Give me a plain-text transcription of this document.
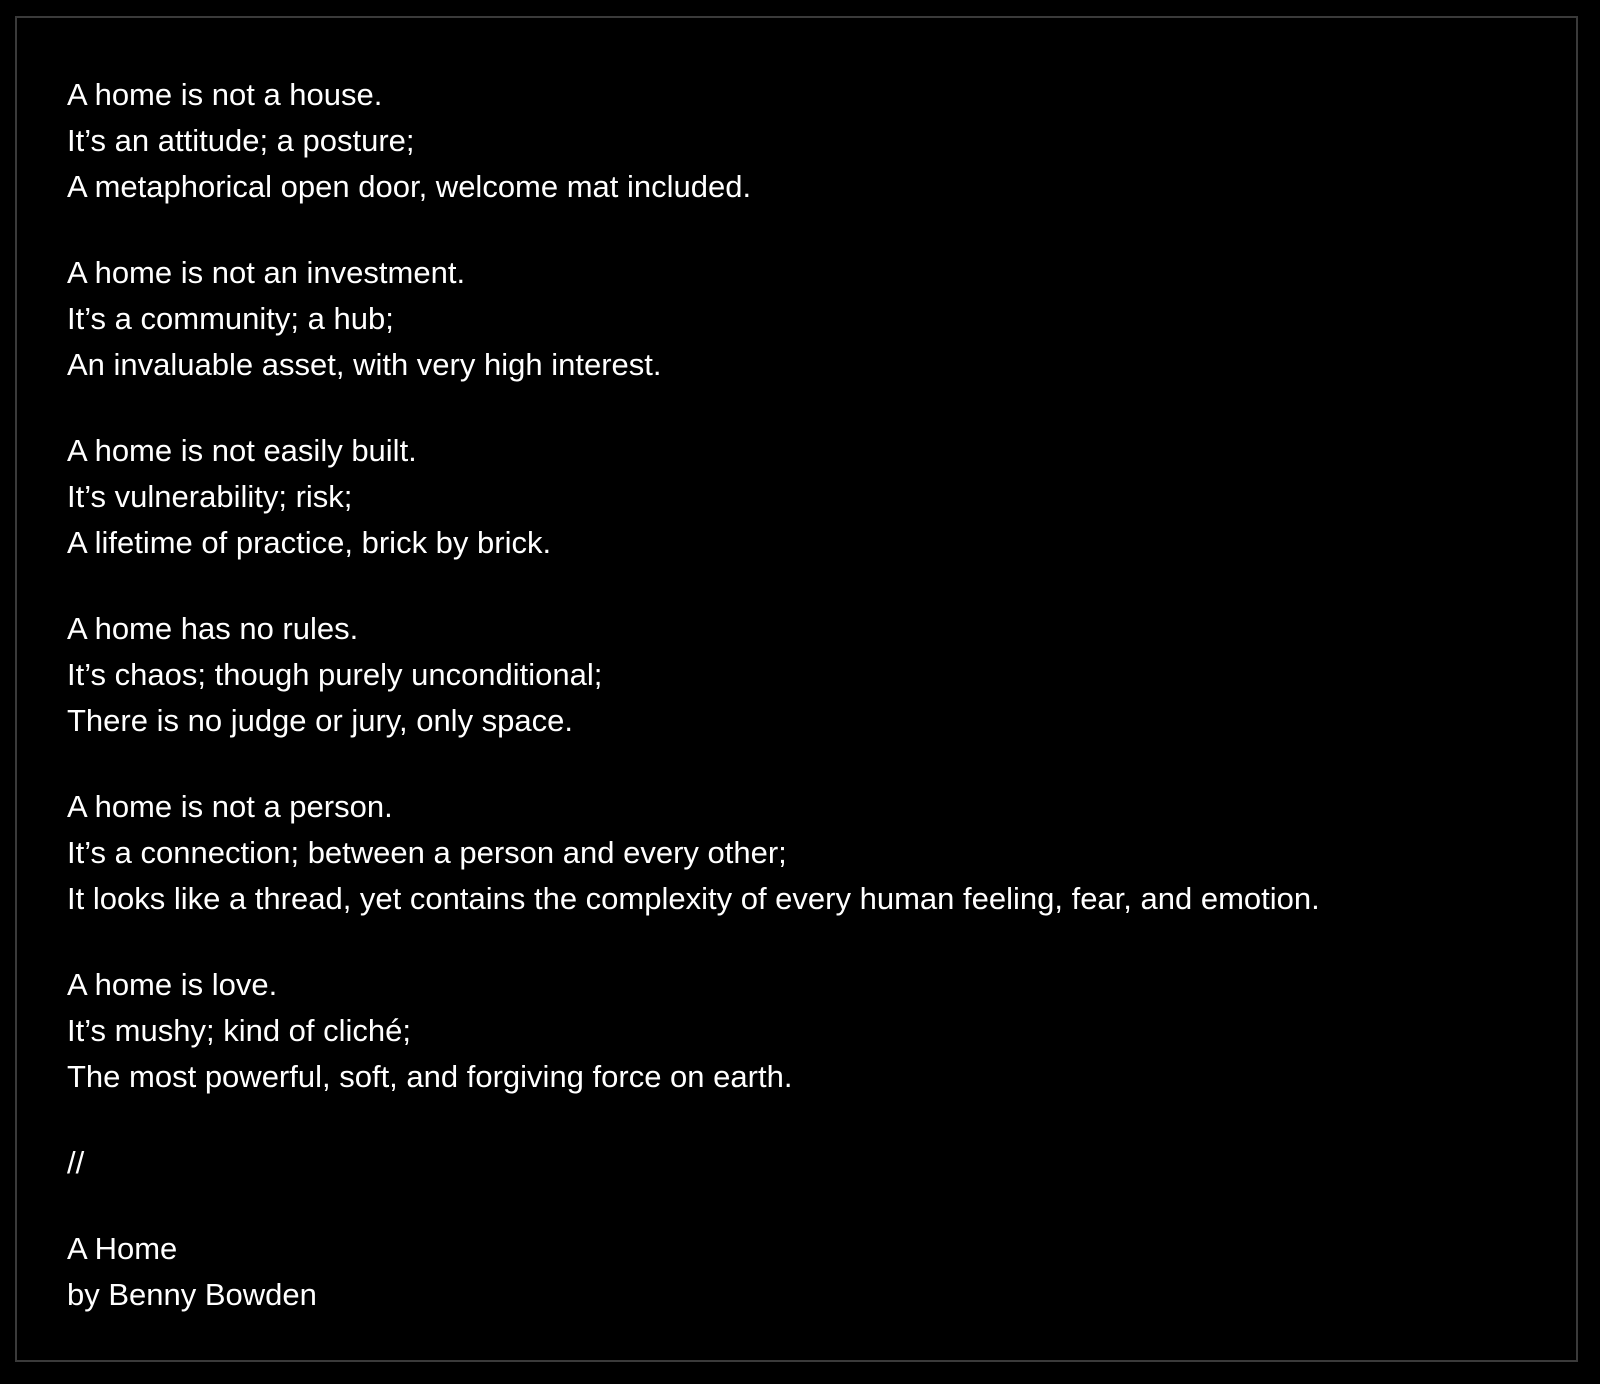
A home is not a house.
It’s an attitude; a posture;
A metaphorical open door, welcome mat included.
A home is not an investment.
It’s a community; a hub;
An invaluable asset, with very high interest.
A home is not easily built.
It’s vulnerability; risk;
A lifetime of practice, brick by brick.
A home has no rules.
It’s chaos; though purely unconditional;
There is no judge or jury, only space.
A home is not a person.
It’s a connection; between a person and every other;
It looks like a thread, yet contains the complexity of every human feeling, fear, and emotion.
A home is love.
It’s mushy; kind of cliché;
The most powerful, soft, and forgiving force on earth.
//
A Home
by Benny Bowden
